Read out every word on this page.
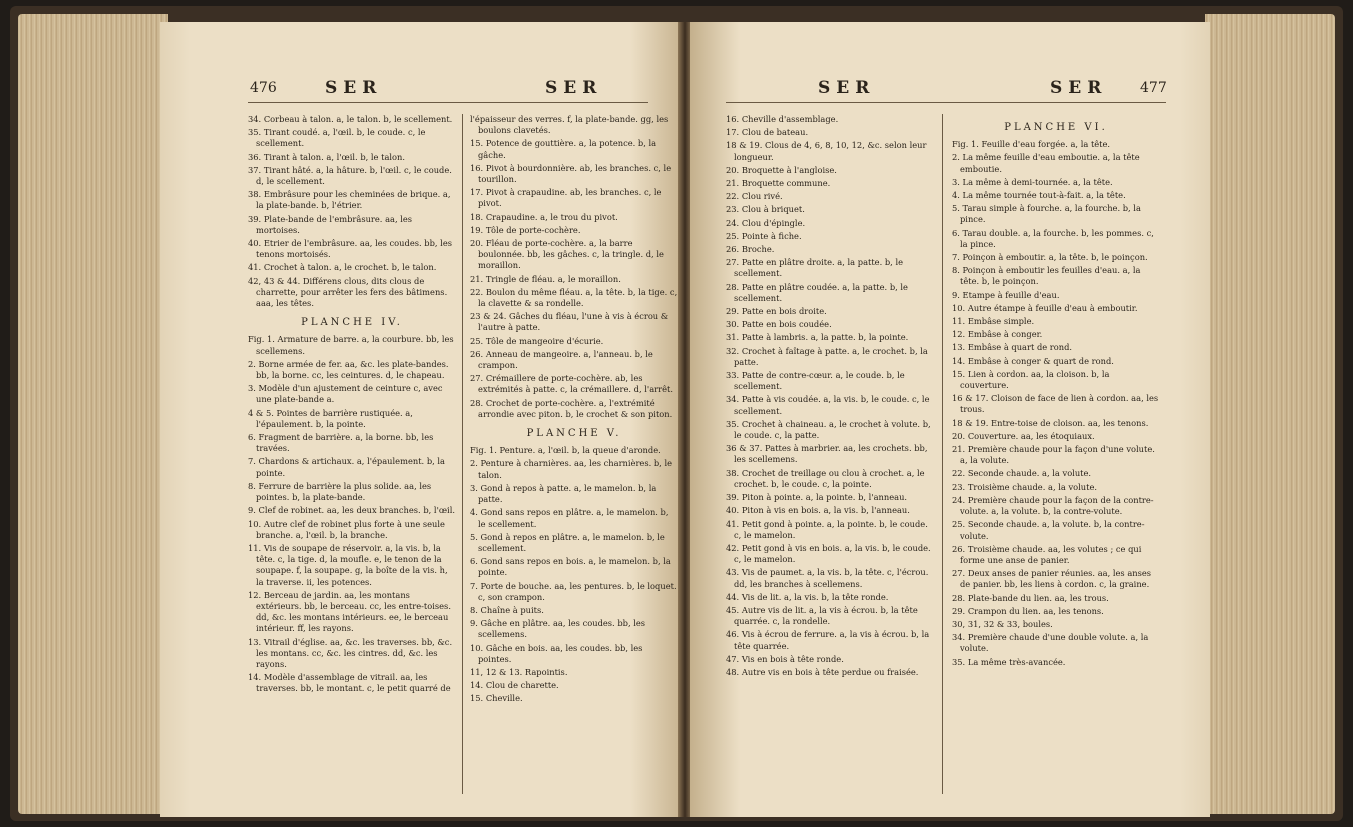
476	SER	SER

34. Corbeau à talon. a, le talon. b, le scellement.

35. Tirant coudé. a, l'œil. b, le coude. c, le scellement.

36. Tirant à talon. a, l'œil. b, le talon.

37. Tirant hâté. a, la hâture. b, l'œil. c, le coude. d, le scellement.

38. Embrâsure pour les cheminées de brique. a, la plate-bande. b, l'étrier.

39. Plate-bande de l'embrâsure. aa, les mortoises.

40. Etrier de l'embrâsure. aa, les coudes. bb, les tenons mortoisés.

41. Crochet à talon. a, le crochet. b, le talon.

42, 43 & 44. Différens clous, dits clous de charrette, pour arrêter les fers des bâtimens. aaa, les têtes.

PLANCHE IV.

Fig. 1. Armature de barre. a, la courbure. bb, les scellemens.

2. Borne armée de fer. aa, &c. les plate-bandes. bb, la borne. cc, les ceintures. d, le chapeau.

3. Modèle d'un ajustement de ceinture c, avec une plate-bande a.

4 & 5. Pointes de barrière rustiquée. a, l'épaulement. b, la pointe.

6. Fragment de barrière. a, la borne. bb, les travées.

7. Chardons & artichaux. a, l'épaulement. b, la pointe.

8. Ferrure de barrière la plus solide. aa, les pointes. b, la plate-bande.

9. Clef de robinet. aa, les deux branches. b, l'œil.

10. Autre clef de robinet plus forte à une seule branche. a, l'œil. b, la branche.

11. Vis de soupape de réservoir. a, la vis. b, la tête. c, la tige. d, la moufle. e, le tenon de la soupape. f, la soupape. g, la boîte de la vis. h, la traverse. ii, les potences.

12. Berceau de jardin. aa, les montans extérieurs. bb, le berceau. cc, les entre-toises. dd, &c. les montans intérieurs. ee, le berceau intérieur. ff, les rayons.

13. Vitrail d'église. aa, &c. les traverses. bb, &c. les montans. cc, &c. les cintres. dd, &c. les rayons.

14. Modèle d'assemblage de vitrail. aa, les traverses. bb, le montant. c, le petit quarré de

l'épaisseur des verres. f, la plate-bande. gg, les boulons clavetés.

15. Potence de gouttière. a, la potence. b, la gâche.

16. Pivot à bourdonnière. ab, les branches. c, le tourillon.

17. Pivot à crapaudine. ab, les branches. c, le pivot.

18. Crapaudine. a, le trou du pivot.

19. Tôle de porte-cochère.

20. Fléau de porte-cochère. a, la barre boulonnée. bb, les gâches. c, la tringle. d, le moraillon.

21. Tringle de fléau. a, le moraillon.

22. Boulon du même fléau. a, la tête. b, la tige. c, la clavette & sa rondelle.

23 & 24. Gâches du fléau, l'une à vis à écrou & l'autre à patte.

25. Tôle de mangeoire d'écurie.

26. Anneau de mangeoire. a, l'anneau. b, le crampon.

27. Crémaillere de porte-cochère. ab, les extrémités à patte. c, la crémaillere. d, l'arrêt.

28. Crochet de porte-cochère. a, l'extrémité arrondie avec piton. b, le crochet & son piton.

PLANCHE V.

Fig. 1. Penture. a, l'œil. b, la queue d'aronde.

2. Penture à charnières. aa, les charnières. b, le talon.

3. Gond à repos à patte. a, le mamelon. b, la patte.

4. Gond sans repos en plâtre. a, le mamelon. b, le scellement.

5. Gond à repos en plâtre. a, le mamelon. b, le scellement.

6. Gond sans repos en bois. a, le mamelon. b, la pointe.

7. Porte de bouche. aa, les pentures. b, le loquet. c, son crampon.

8. Chaîne à puits.

9. Gâche en plâtre. aa, les coudes. bb, les scellemens.

10. Gâche en bois. aa, les coudes. bb, les pointes.

11, 12 & 13. Rapointis.

14. Clou de charette.

15. Cheville.

SER	SER 477

16. Cheville d'assemblage.

17. Clou de bateau.

18 & 19. Clous de 4, 6, 8, 10, 12, &c. selon leur longueur.

20. Broquette à l'angloise.

21. Broquette commune.

22. Clou rivé.

23. Clou à briquet.

24. Clou d'épingle.

25. Pointe à fiche.

26. Broche.

27. Patte en plâtre droite. a, la patte. b, le scellement.

28. Patte en plâtre coudée. a, la patte. b, le scellement.

29. Patte en bois droite.

30. Patte en bois coudée.

31. Patte à lambris. a, la patte. b, la pointe.

32. Crochet à faîtage à patte. a, le crochet. b, la patte.

33. Patte de contre-cœur. a, le coude. b, le scellement.

34. Patte à vis coudée. a, la vis. b, le coude. c, le scellement.

35. Crochet à chaineau. a, le crochet à volute. b, le coude. c, la patte.

36 & 37. Pattes à marbrier. aa, les crochets. bb, les scellemens.

38. Crochet de treillage ou clou à crochet. a, le crochet. b, le coude. c, la pointe.

39. Piton à pointe. a, la pointe. b, l'anneau.

40. Piton à vis en bois. a, la vis. b, l'anneau.

41. Petit gond à pointe. a, la pointe. b, le coude. c, le mamelon.

42. Petit gond à vis en bois. a, la vis. b, le coude. c, le mamelon.

43. Vis de paumet. a, la vis. b, la tête. c, l'écrou. dd, les branches à scellemens.

44. Vis de lit. a, la vis. b, la tête ronde.

45. Autre vis de lit. a, la vis à écrou. b, la tête quarrée. c, la rondelle.

46. Vis à écrou de ferrure. a, la vis à écrou. b, la tête quarrée.

47. Vis en bois à tête ronde.

48. Autre vis en bois à tête perdue ou fraisée.

PLANCHE VI.

Fig. 1. Feuille d'eau forgée. a, la tête.

2. La même feuille d'eau emboutie. a, la tête emboutie.

3. La même à demi-tournée. a, la tête.

4. La même tournée tout-à-fait. a, la tête.

5. Tarau simple à fourche. a, la fourche. b, la pince.

6. Tarau double. a, la fourche. b, les pommes. c, la pince.

7. Poinçon à emboutir. a, la tête. b, le poinçon.

8. Poinçon à emboutir les feuilles d'eau. a, la tête. b, le poinçon.

9. Etampe à feuille d'eau.

10. Autre étampe à feuille d'eau à emboutir.

11. Embâse simple.

12. Embâse à conger.

13. Embâse à quart de rond.

14. Embâse à conger & quart de rond.

15. Lien à cordon. aa, la cloison. b, la couverture.

16 & 17. Cloison de face de lien à cordon. aa, les trous.

18 & 19. Entre-toise de cloison. aa, les tenons.

20. Couverture. aa, les étoquiaux.

21. Première chaude pour la façon d'une volute. a, la volute.

22. Seconde chaude. a, la volute.

23. Troisième chaude. a, la volute.

24. Première chaude pour la façon de la contre-volute. a, la volute. b, la contre-volute.

25. Seconde chaude. a, la volute. b, la contre-volute.

26. Troisième chaude. aa, les volutes ; ce qui forme une anse de panier.

27. Deux anses de panier réunies. aa, les anses de panier. bb, les liens à cordon. c, la graine.

28. Plate-bande du lien. aa, les trous.

29. Crampon du lien. aa, les tenons.

30, 31, 32 & 33, boules.

34. Première chaude d'une double volute. a, la volute.

35. La même très-avancée.
